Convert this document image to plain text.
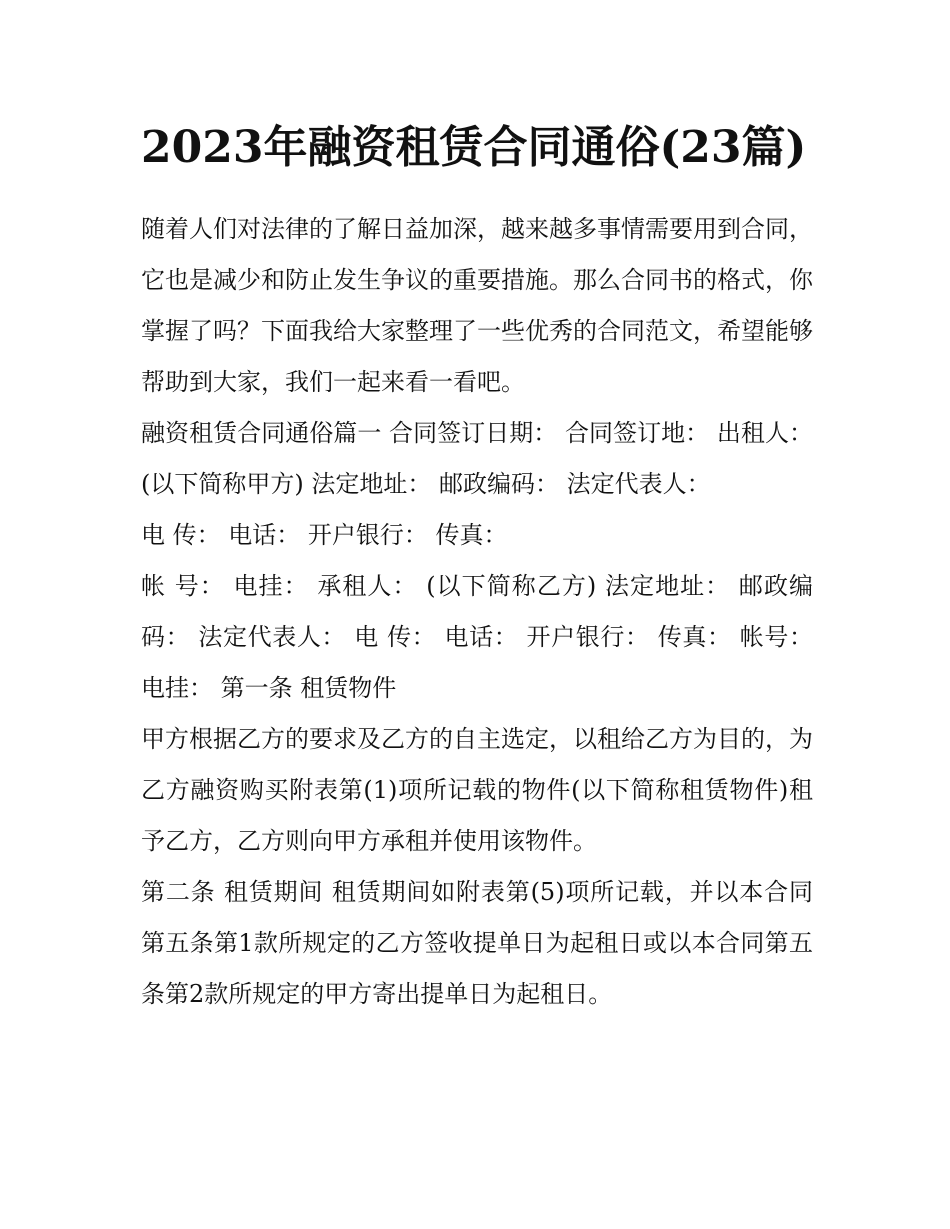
2023年融资租赁合同通俗(23篇)

随着人们对法律的了解日益加深，越来越多事情需要用到合同，它也是减少和防止发生争议的重要措施。那么合同书的格式，你掌握了吗？下面我给大家整理了一些优秀的合同范文，希望能够帮助到大家，我们一起来看一看吧。

融资租赁合同通俗篇一 合同签订日期： 合同签订地： 出租人： (以下简称甲方) 法定地址： 邮政编码： 法定代表人：

电 传： 电话： 开户银行： 传真：

帐 号： 电挂： 承租人： (以下简称乙方) 法定地址： 邮政编码： 法定代表人： 电 传： 电话： 开户银行： 传真： 帐号： 电挂： 第一条 租赁物件

甲方根据乙方的要求及乙方的自主选定，以租给乙方为目的，为乙方融资购买附表第(1)项所记载的物件(以下简称租赁物件)租予乙方，乙方则向甲方承租并使用该物件。

第二条 租赁期间 租赁期间如附表第(5)项所记载，并以本合同第五条第1款所规定的乙方签收提单日为起租日或以本合同第五条第2款所规定的甲方寄出提单日为起租日。
